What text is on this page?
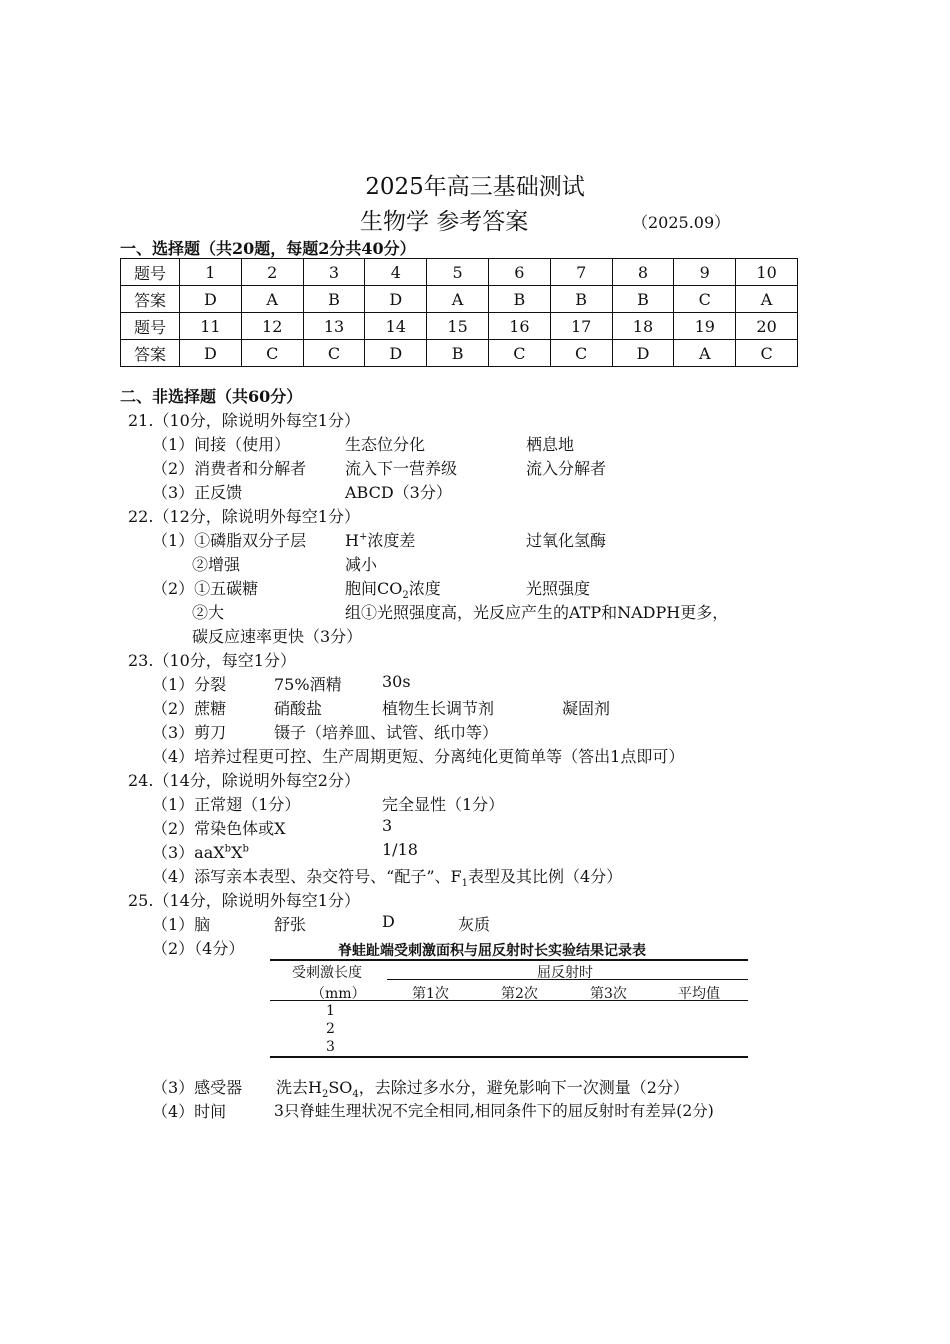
2025年高三基础测试
生物学 参考答案	（2025.09）
一、选择题（共20题，每题2分共40分）
题号	1	2	3	4	5	6	7	8	9	10
答案	D	A	B	D	A	B	B	B	C	A
题号	11	12	13	14	15	16	17	18	19	20
答案	D	C	C	D	B	C	C	D	A	C
二、非选择题（共60分）
21.（10分，除说明外每空1分）
（1）间接（使用）	生态位分化	栖息地
（2）消费者和分解者 流入下一营养级	流入分解者
（3）正反馈	ABCD（3分）
22.（12分，除说明外每空1分）
（1）①磷脂双分子层 H+浓度差	过氧化氢酶
②增强	减小
（2）①五碳糖	胞间$CO_2$浓度	光照强度
②大	组①光照强度高，光反应产生的ATP和NADPH更多，
碳反应速率更快（3分）
23.（10分，每空1分）
（1）分裂	75%酒精	30s
（2）蔗糖	硝酸盐	植物生长调节剂	凝固剂
（3）剪刀	镊子（培养皿、试管、纸巾等）
（4）培养过程更可控、生产周期更短、分离纯化更简单等（答出1点即可）
24.（14分，除说明外每空2分）
（1）正常翅（1分）	完全显性（1分）
（2）常染色体或X	3
$(3)aaX^bX^b$	1/18
（4）添写亲本表型、杂交符号、“配子”、$F_1$表型及其比例（4分）
25.（14分，除说明外每空1分）
（1）脑	舒张	D	灰质
（2）（4分）	脊蛙趾端受刺激面积与屈反射时长实验结果记录表
受刺激长度
（mm）
屈反射时
第1次	第2次	第3次	平均值
1
2
3
（3）感受器 洗去$H_2SO_4$，去除过多水分，避免影响下一次测量（2分）
（4）时间	3只脊蛙生理状况不完全相同,相同条件下的屈反射时有差异(2分)
